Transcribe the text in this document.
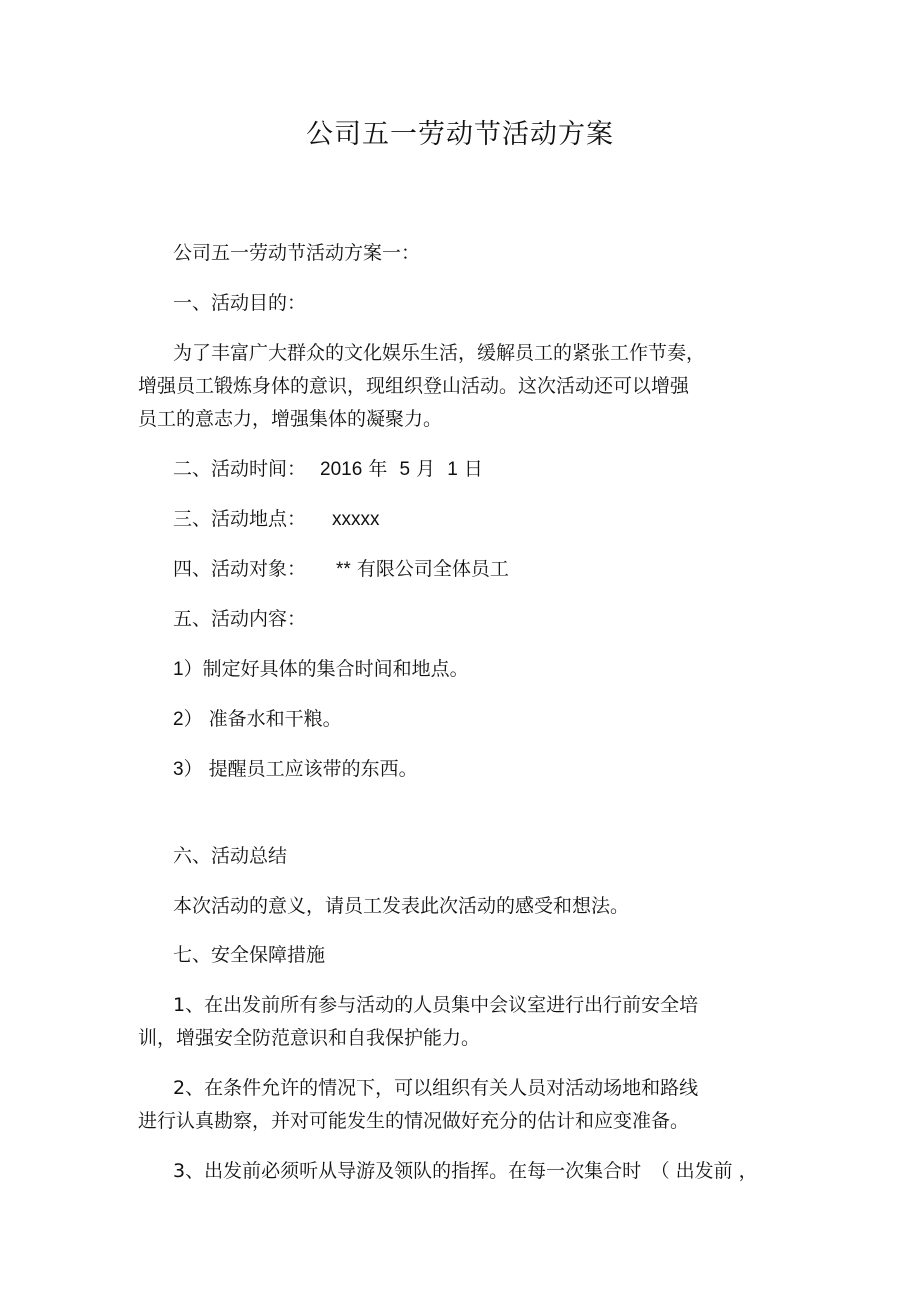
公司五一劳动节活动方案
公司五一劳动节活动方案一：
一、活动目的：
为了丰富广大群众的文化娱乐生活，缓解员工的紧张工作节奏，
增强员工锻炼身体的意识，现组织登山活动。这次活动还可以增强
员工的意志力，增强集体的凝聚力。
二、活动时间： 2016 年 5 月 1 日
三、活动地点： xxxxx
四、活动对象： ** 有限公司全体员工
五、活动内容：
1）制定好具体的集合时间和地点。
2） 准备水和干粮。
3） 提醒员工应该带的东西。
六、活动总结
本次活动的意义，请员工发表此次活动的感受和想法。
七、安全保障措施
1、在出发前所有参与活动的人员集中会议室进行出行前安全培
训，增强安全防范意识和自我保护能力。
2、在条件允许的情况下，可以组织有关人员对活动场地和路线
进行认真勘察，并对可能发生的情况做好充分的估计和应变准备。
3、出发前必须听从导游及领队的指挥。在每一次集合时　（ 出发前 ，
